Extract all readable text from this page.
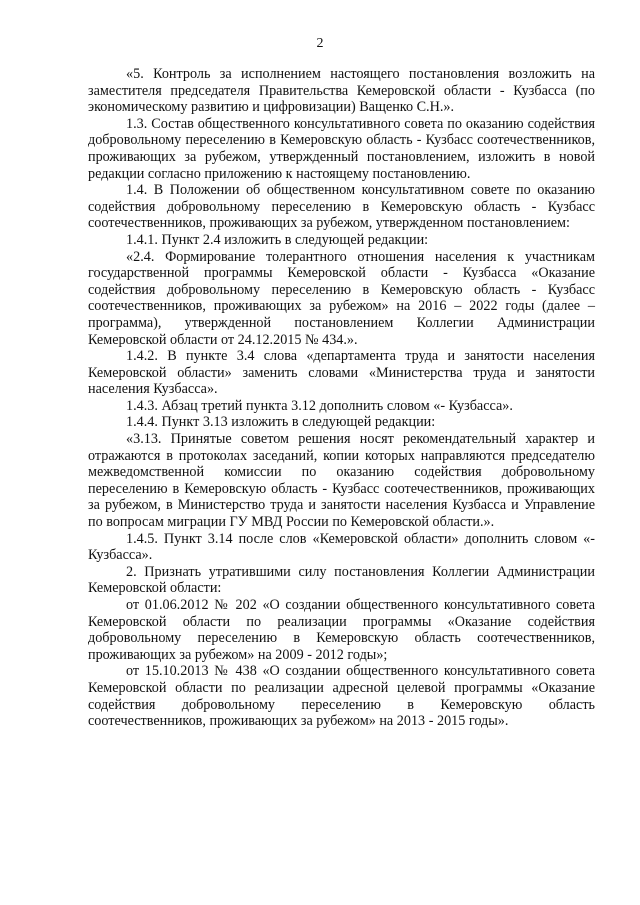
2

«5. Контроль за исполнением настоящего постановления возложить на заместителя председателя Правительства Кемеровской области - Кузбасса (по экономическому развитию и цифровизации) Ващенко С.Н.».

1.3. Состав общественного консультативного совета по оказанию содействия добровольному переселению в Кемеровскую область - Кузбасс соотечественников, проживающих за рубежом, утвержденный постановлением, изложить в новой редакции согласно приложению к настоящему постановлению.

1.4. В Положении об общественном консультативном совете по оказанию содействия добровольному переселению в Кемеровскую область - Кузбасс соотечественников, проживающих за рубежом, утвержденном постановлением:

1.4.1. Пункт 2.4 изложить в следующей редакции:

«2.4. Формирование толерантного отношения населения к участникам государственной программы Кемеровской области - Кузбасса «Оказание содействия добровольному переселению в Кемеровскую область - Кузбасс соотечественников, проживающих за рубежом» на 2016 – 2022 годы (далее – программа), утвержденной постановлением Коллегии Администрации Кемеровской области от 24.12.2015 № 434.».

1.4.2. В пункте 3.4 слова «департамента труда и занятости населения Кемеровской области» заменить словами «Министерства труда и занятости населения Кузбасса».

1.4.3. Абзац третий пункта 3.12 дополнить словом «- Кузбасса».

1.4.4. Пункт 3.13 изложить в следующей редакции:

«3.13. Принятые советом решения носят рекомендательный характер и отражаются в протоколах заседаний, копии которых направляются председателю межведомственной комиссии по оказанию содействия добровольному переселению в Кемеровскую область - Кузбасс соотечественников, проживающих за рубежом, в Министерство труда и занятости населения Кузбасса и Управление по вопросам миграции ГУ МВД России по Кемеровской области.».

1.4.5. Пункт 3.14 после слов «Кемеровской области» дополнить словом «- Кузбасса».

2. Признать утратившими силу постановления Коллегии Администрации Кемеровской области:

от 01.06.2012 № 202 «О создании общественного консультативного совета Кемеровской области по реализации программы «Оказание содействия добровольному переселению в Кемеровскую область соотечественников, проживающих за рубежом» на 2009 - 2012 годы»;

от 15.10.2013 № 438 «О создании общественного консультативного совета Кемеровской области по реализации адресной целевой программы «Оказание содействия добровольному переселению в Кемеровскую область соотечественников, проживающих за рубежом» на 2013 - 2015 годы».
